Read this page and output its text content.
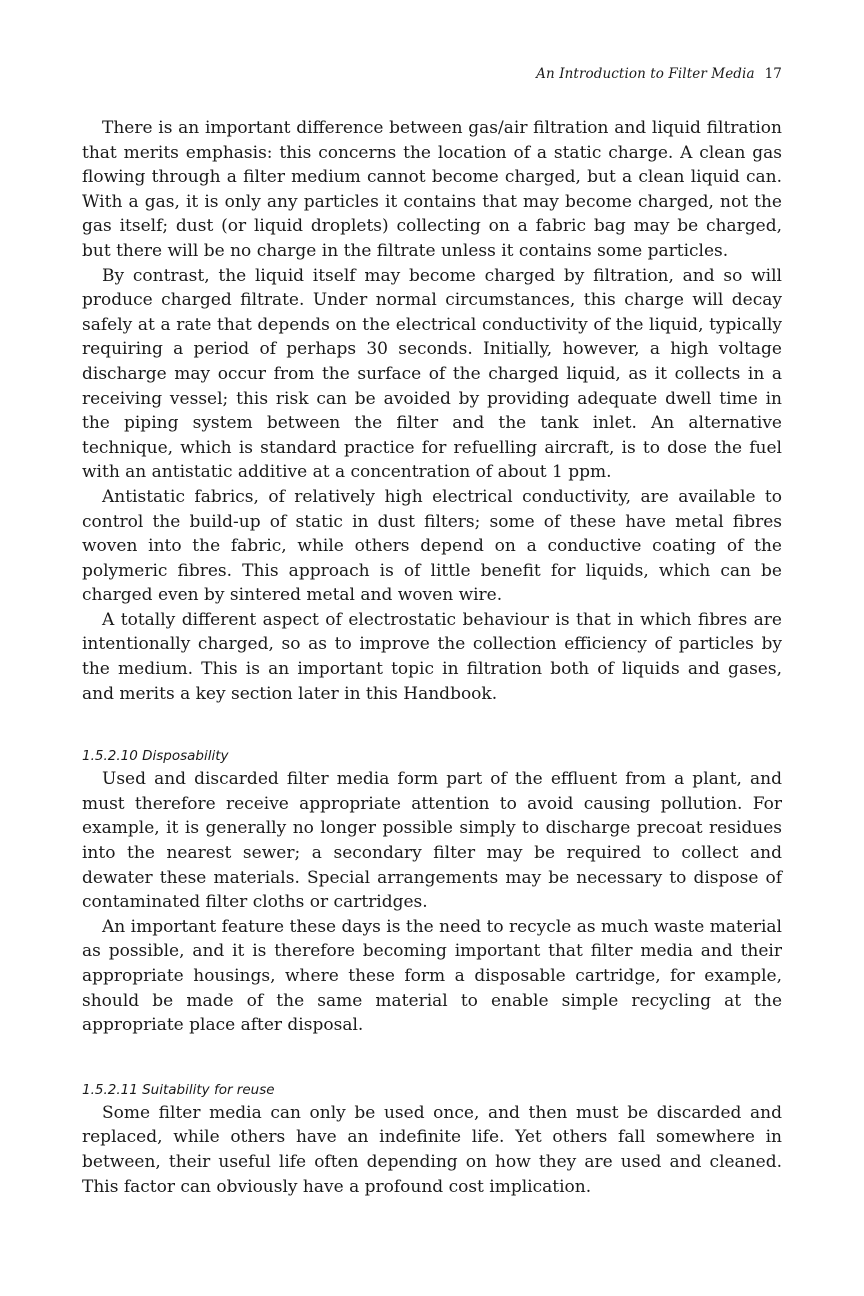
An Introduction to Filter Media 17

There is an important difference between gas/air filtration and liquid filtration that merits emphasis: this concerns the location of a static charge. A clean gas flowing through a filter medium cannot become charged, but a clean liquid can. With a gas, it is only any particles it contains that may become charged, not the gas itself; dust (or liquid droplets) collecting on a fabric bag may be charged, but there will be no charge in the filtrate unless it contains some particles.

By contrast, the liquid itself may become charged by filtration, and so will produce charged filtrate. Under normal circumstances, this charge will decay safely at a rate that depends on the electrical conductivity of the liquid, typically requiring a period of perhaps 30 seconds. Initially, however, a high voltage discharge may occur from the surface of the charged liquid, as it collects in a receiving vessel; this risk can be avoided by providing adequate dwell time in the piping system between the filter and the tank inlet. An alternative technique, which is standard practice for refuelling aircraft, is to dose the fuel with an antistatic additive at a concentration of about 1 ppm.

Antistatic fabrics, of relatively high electrical conductivity, are available to control the build-up of static in dust filters; some of these have metal fibres woven into the fabric, while others depend on a conductive coating of the polymeric fibres. This approach is of little benefit for liquids, which can be charged even by sintered metal and woven wire.

A totally different aspect of electrostatic behaviour is that in which fibres are intentionally charged, so as to improve the collection efficiency of particles by the medium. This is an important topic in filtration both of liquids and gases, and merits a key section later in this Handbook.

1.5.2.10 Disposability

Used and discarded filter media form part of the effluent from a plant, and must therefore receive appropriate attention to avoid causing pollution. For example, it is generally no longer possible simply to discharge precoat residues into the nearest sewer; a secondary filter may be required to collect and dewater these materials. Special arrangements may be necessary to dispose of contaminated filter cloths or cartridges.

An important feature these days is the need to recycle as much waste material as possible, and it is therefore becoming important that filter media and their appropriate housings, where these form a disposable cartridge, for example, should be made of the same material to enable simple recycling at the appropriate place after disposal.

1.5.2.11 Suitability for reuse

Some filter media can only be used once, and then must be discarded and replaced, while others have an indefinite life. Yet others fall somewhere in between, their useful life often depending on how they are used and cleaned. This factor can obviously have a profound cost implication.
